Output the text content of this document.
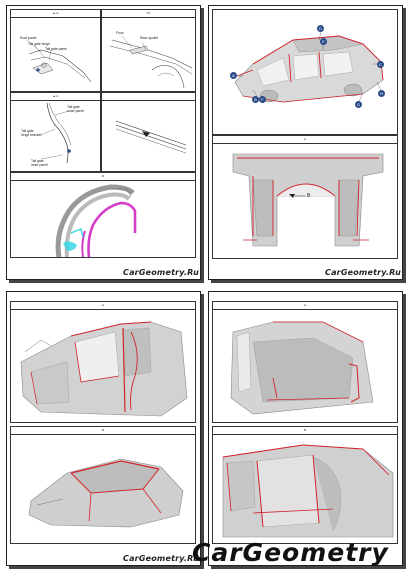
▲-A
Roof panel
Tail gate hinge
Tail gate panel
TC
Floor
Rear spoiler
▲-2
Tail gate
outer panel
Tail gate
hinge bracket
Tail gate
inner panel
D
CarGeometry.Ru
D
E
A
B	F
G
H
C
A
B
CarGeometry.Ru
A
B
CarGeometry.Ru
A
B
CarGeometry
